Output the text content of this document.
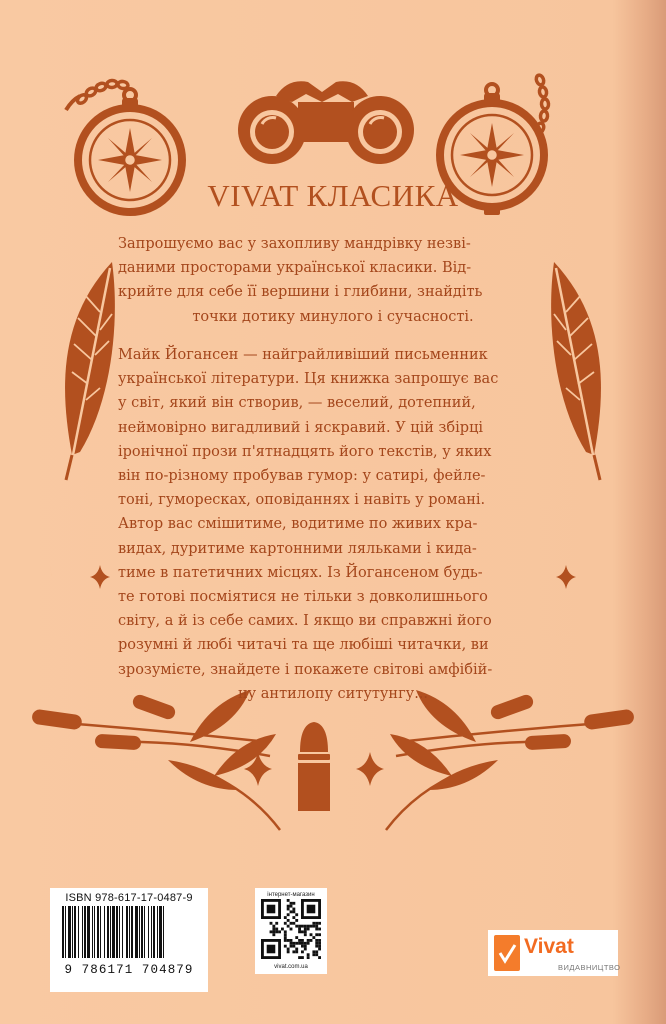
VIVAT КЛАСИКА
Запрошуємо вас у захопливу мандрівку незві-
даними просторами української класики. Від-
крийте для себе її вершини і глибини, знайдіть
точки дотику минулого і сучасності.
Майк Йогансен — найграйливіший письменник
української літератури. Ця книжка запрошує вас
у світ, який він створив, — веселий, дотепний,
неймовірно вигадливий і яскравий. У цій збірці
іронічної прози п'ятнадцять його текстів, у яких
він по-різному пробував гумор: у сатирі, фейле-
тоні, гуморесках, оповіданнях і навіть у романі.
Автор вас смішитиме, водитиме по живих кра-
видах, дуритиме картонними ляльками і кида-
тиме в патетичних місцях. Із Йогансеном будь-
те готові посміятися не тільки з довколишнього
світу, а й із себе самих. І якщо ви справжні його
розумні й любі читачі та ще любіші читачки, ви
зрозумієте, знайдете і покажете світові амфібій-
ну антилопу ситутунгу...
ISBN 978-617-17-0487-9
9 786171 704879
інтернет-магазин
vivat.com.ua
Vivat
ВИДАВНИЦТВО
